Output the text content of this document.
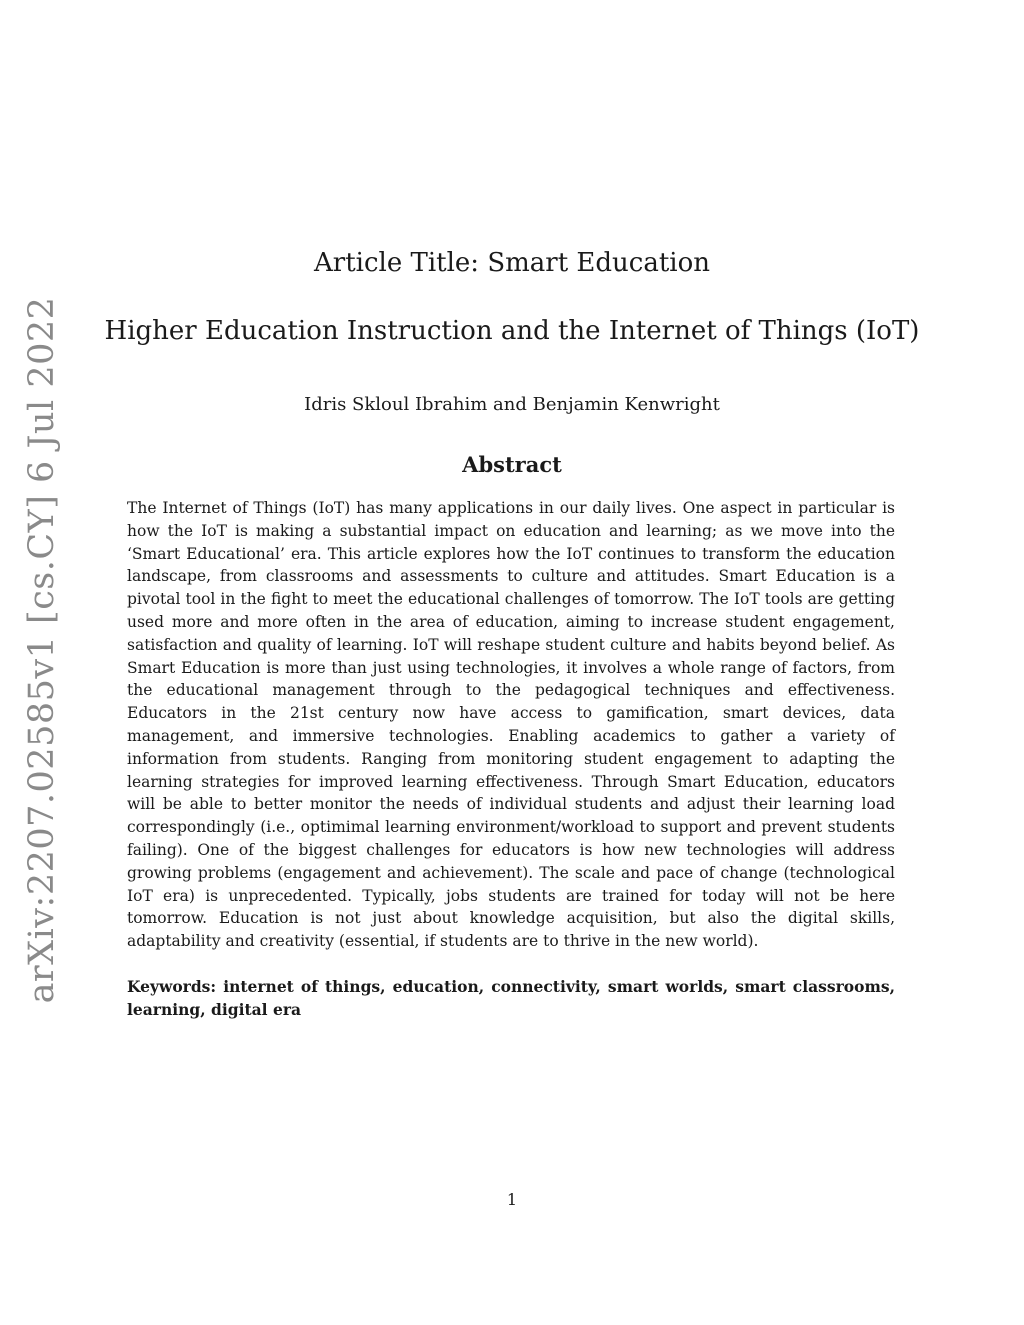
arXiv:2207.02585v1 [cs.CY] 6 Jul 2022
Article Title: Smart Education
Higher Education Instruction and the Internet of Things (IoT)
Idris Skloul Ibrahim and Benjamin Kenwright
Abstract
The Internet of Things (IoT) has many applications in our daily lives. One aspect in particular is how the IoT is making a substantial impact on education and learning; as we move into the ‘Smart Educational’ era. This article explores how the IoT continues to transform the education landscape, from classrooms and assessments to culture and attitudes. Smart Education is a pivotal tool in the fight to meet the educational challenges of tomorrow. The IoT tools are getting used more and more often in the area of education, aiming to increase student engagement, satisfaction and quality of learning. IoT will reshape student culture and habits beyond belief. As Smart Education is more than just using technologies, it involves a whole range of factors, from the educational management through to the pedagogical techniques and effectiveness. Educators in the 21st century now have access to gamification, smart devices, data management, and immersive technologies. Enabling academics to gather a variety of information from students. Ranging from monitoring student engagement to adapting the learning strategies for improved learning effectiveness. Through Smart Education, educators will be able to better monitor the needs of individual students and adjust their learning load correspondingly (i.e., optimimal learning environment/workload to support and prevent students failing). One of the biggest challenges for educators is how new technologies will address growing problems (engagement and achievement). The scale and pace of change (technological IoT era) is unprecedented. Typically, jobs students are trained for today will not be here tomorrow. Education is not just about knowledge acquisition, but also the digital skills, adaptability and creativity (essential, if students are to thrive in the new world).
Keywords: internet of things, education, connectivity, smart worlds, smart classrooms, learning, digital era
1
